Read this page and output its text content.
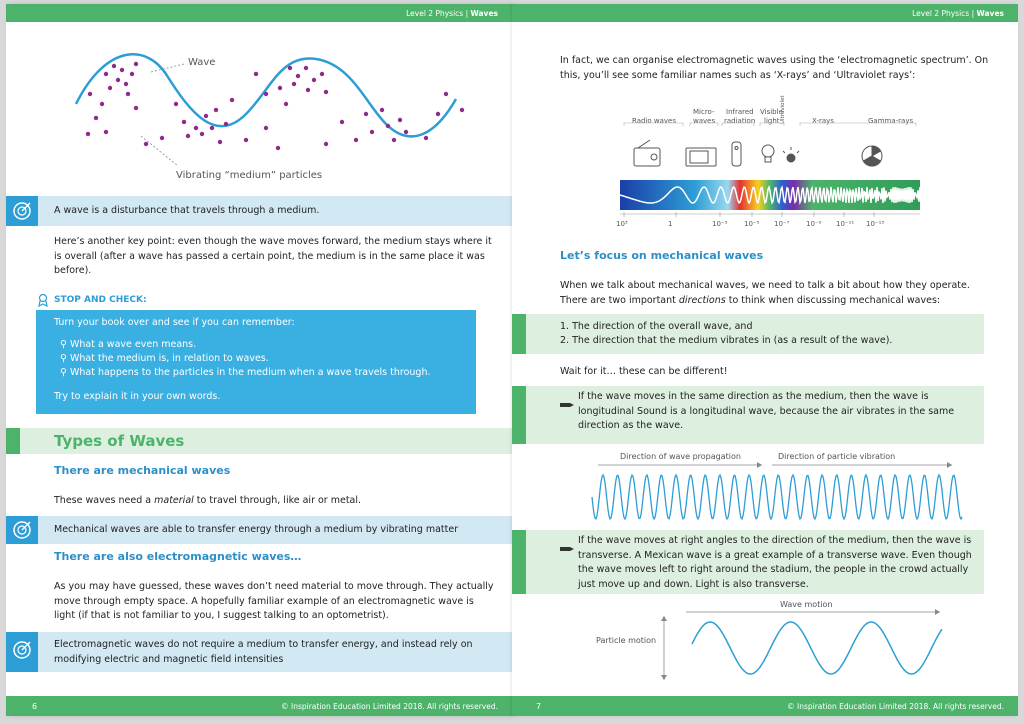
Level 2 Physics | Waves
Wave
Vibrating “medium” particles
A wave is a disturbance that travels through a medium.
Here’s another key point: even though the wave moves forward, the medium stays where it is overall (after a wave has passed a certain point, the medium is in the same place it was before).
STOP AND CHECK:
Turn your book over and see if you can remember:
⚲ What a wave even means.
⚲ What the medium is, in relation to waves.
⚲ What happens to the particles in the medium when a wave travels through.
Try to explain it in your own words.
Types of Waves
There are mechanical waves
These waves need a material to travel through, like air or metal.
Mechanical waves are able to transfer energy through a medium by vibrating matter
There are also electromagnetic waves…
As you may have guessed, these waves don’t need material to move through. They actually move through empty space. A hopefully familiar example of an electromagnetic wave is light (if that is not familiar to you, I suggest talking to an optometrist).
Electromagnetic waves do not require a medium to transfer energy, and instead rely on modifying electric and magnetic field intensities
6	© Inspiration Education Limited 2018. All rights reserved.
Level 2 Physics | Waves
In fact, we can organise electromagnetic waves using the ‘electromagnetic spectrum’. On this, you’ll see some familiar names such as ‘X-rays’ and ‘Ultraviolet rays’:
Radio waves
Micro-
waves
Infrared
radiation
Visible
light Ultraviolet	X-rays	Gamma-rays
10³	1	10⁻³ 10⁻⁵ 10⁻⁷ 10⁻⁹ 10⁻¹¹ 10⁻¹³
Let’s focus on mechanical waves
When we talk about mechanical waves, we need to talk a bit about how they operate. There are two important directions to think when discussing mechanical waves:
1. The direction of the overall wave, and
2. The direction that the medium vibrates in (as a result of the wave).
Wait for it… these can be different!
If the wave moves in the same direction as the medium, then the wave is longitudinal Sound is a longitudinal wave, because the air vibrates in the same direction as the wave.
Direction of wave propagation	Direction of particle vibration
If the wave moves at right angles to the direction of the medium, then the wave is transverse. A Mexican wave is a great example of a transverse wave. Even though the wave moves left to right around the stadium, the people in the crowd actually just move up and down. Light is also transverse.
Wave motion
Particle motion
7	© Inspiration Education Limited 2018. All rights reserved.
